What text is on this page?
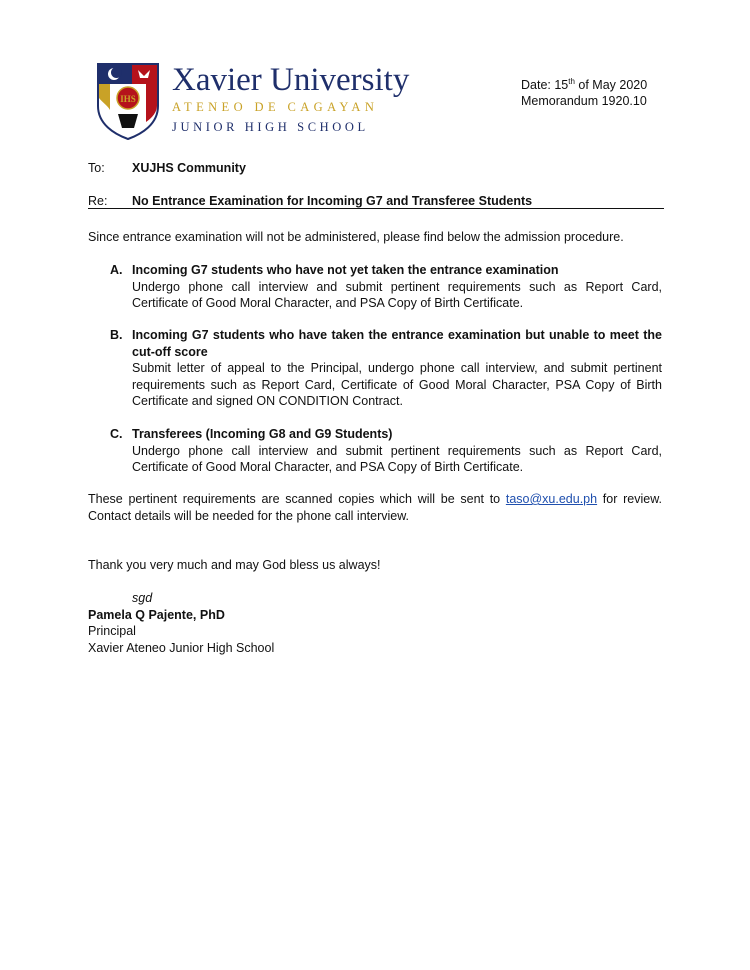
IHS
Xavier University
ATENEO DE CAGAYAN
JUNIOR HIGH SCHOOL
Date: 15th of May 2020
Memorandum 1920.10
To: XUJHS Community
Re: No Entrance Examination for Incoming G7 and Transferee Students
Since entrance examination will not be administered, please find below the admission procedure.
A. Incoming G7 students who have not yet taken the entrance examination
Undergo phone call interview and submit pertinent requirements such as Report Card, Certificate of Good Moral Character, and PSA Copy of Birth Certificate.
B. Incoming G7 students who have taken the entrance examination but unable to meet the cut-off score
Submit letter of appeal to the Principal, undergo phone call interview, and submit pertinent requirements such as Report Card, Certificate of Good Moral Character, PSA Copy of Birth Certificate and signed ON CONDITION Contract.
C. Transferees (Incoming G8 and G9 Students)
Undergo phone call interview and submit pertinent requirements such as Report Card, Certificate of Good Moral Character, and PSA Copy of Birth Certificate.
These pertinent requirements are scanned copies which will be sent to taso@xu.edu.ph for review. Contact details will be needed for the phone call interview.
Thank you very much and may God bless us always!
sgd
Pamela Q Pajente, PhD
Principal
Xavier Ateneo Junior High School
